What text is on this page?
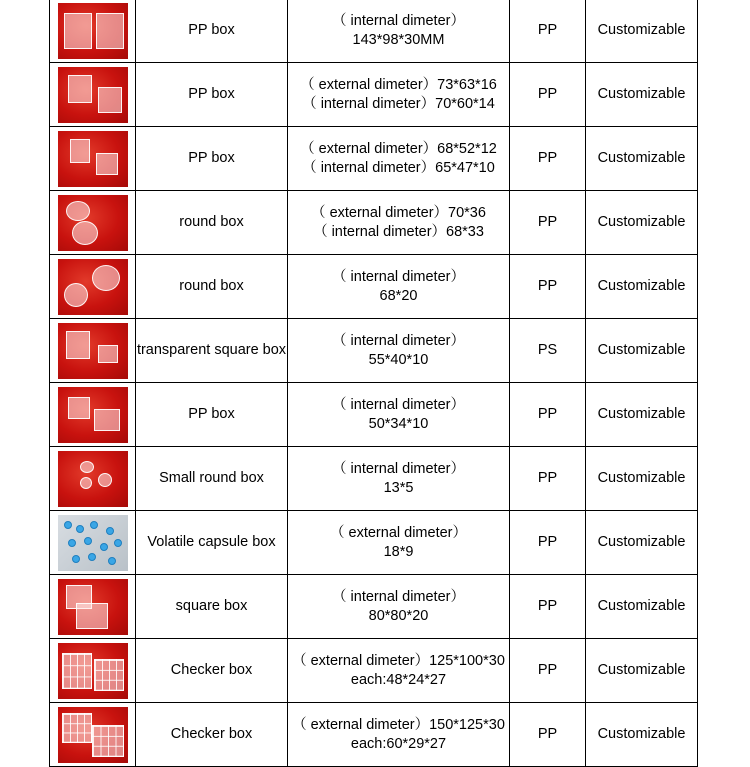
	PP box	（ internal dimeter）
143*98*30MM	PP	Customizable

	PP box	（ external dimeter）73*63*16
（ internal dimeter）70*60*14	PP	Customizable

	PP box	（ external dimeter）68*52*12
（ internal dimeter）65*47*10	PP	Customizable

	round box	（ external dimeter）70*36
（ internal dimeter）68*33	PP	Customizable

	round box	（ internal dimeter）
68*20	PP	Customizable

	transparent square box	（ internal dimeter）
55*40*10	PS	Customizable

	PP box	（ internal dimeter）
50*34*10	PP	Customizable

	Small round box	（ internal dimeter）
13*5	PP	Customizable

	Volatile capsule box	（ external dimeter）
18*9	PP	Customizable

	square box	（ internal dimeter）
80*80*20	PP	Customizable

	Checker box	（ external dimeter）125*100*30
each:48*24*27	PP	Customizable

	Checker box	（ external dimeter）150*125*30
each:60*29*27	PP	Customizable
